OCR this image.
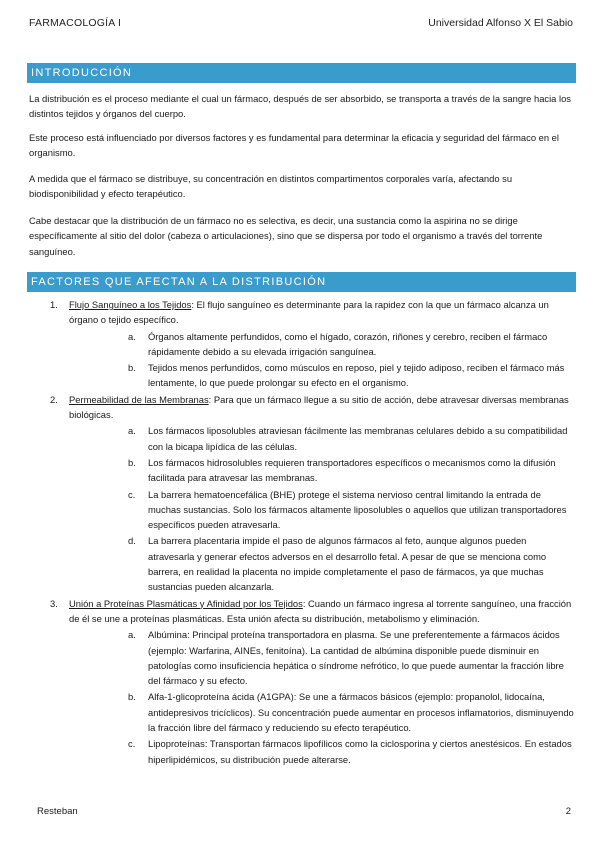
FARMACOLOGÍA I	Universidad Alfonso X El Sabio
INTRODUCCIÓN

La distribución es el proceso mediante el cual un fármaco, después de ser absorbido, se transporta a través de la sangre hacia los distintos tejidos y órganos del cuerpo.

Este proceso está influenciado por diversos factores y es fundamental para determinar la eficacia y seguridad del fármaco en el organismo.

A medida que el fármaco se distribuye, su concentración en distintos compartimentos corporales varía, afectando su biodisponibilidad y efecto terapéutico.

Cabe destacar que la distribución de un fármaco no es selectiva, es decir, una sustancia como la aspirina no se dirige específicamente al sitio del dolor (cabeza o articulaciones), sino que se dispersa por todo el organismo a través del torrente sanguíneo.

FACTORES QUE AFECTAN A LA DISTRIBUCIÓN
1. Flujo Sanguíneo a los Tejidos: El flujo sanguíneo es determinante para la rapidez con la que un fármaco alcanza un órgano o tejido específico.
a. Órganos altamente perfundidos, como el hígado, corazón, riñones y cerebro, reciben el fármaco rápidamente debido a su elevada irrigación sanguínea.
b. Tejidos menos perfundidos, como músculos en reposo, piel y tejido adiposo, reciben el fármaco más lentamente, lo que puede prolongar su efecto en el organismo.
2. Permeabilidad de las Membranas: Para que un fármaco llegue a su sitio de acción, debe atravesar diversas membranas biológicas.
a. Los fármacos liposolubles atraviesan fácilmente las membranas celulares debido a su compatibilidad con la bicapa lipídica de las células.
b. Los fármacos hidrosolubles requieren transportadores específicos o mecanismos como la difusión facilitada para atravesar las membranas.
c. La barrera hematoencefálica (BHE) protege el sistema nervioso central limitando la entrada de muchas sustancias. Solo los fármacos altamente liposolubles o aquellos que utilizan transportadores específicos pueden atravesarla.
d. La barrera placentaria impide el paso de algunos fármacos al feto, aunque algunos pueden atravesarla y generar efectos adversos en el desarrollo fetal. A pesar de que se menciona como barrera, en realidad la placenta no impide completamente el paso de fármacos, ya que muchas sustancias pueden alcanzarla.
3. Unión a Proteínas Plasmáticas y Afinidad por los Tejidos: Cuando un fármaco ingresa al torrente sanguíneo, una fracción de él se une a proteínas plasmáticas. Esta unión afecta su distribución, metabolismo y eliminación.
a. Albúmina: Principal proteína transportadora en plasma. Se une preferentemente a fármacos ácidos (ejemplo: Warfarina, AINEs, fenitoína). La cantidad de albúmina disponible puede disminuir en patologías como insuficiencia hepática o síndrome nefrótico, lo que puede aumentar la fracción libre del fármaco y su efecto.
b. Alfa-1-glicoproteína ácida (A1GPA): Se une a fármacos básicos (ejemplo: propanolol, lidocaína, antidepresivos tricíclicos). Su concentración puede aumentar en procesos inflamatorios, disminuyendo la fracción libre del fármaco y reduciendo su efecto terapéutico.
c. Lipoproteínas: Transportan fármacos lipofílicos como la ciclosporina y ciertos anestésicos. En estados hiperlipidémicos, su distribución puede alterarse.
Resteban	2
